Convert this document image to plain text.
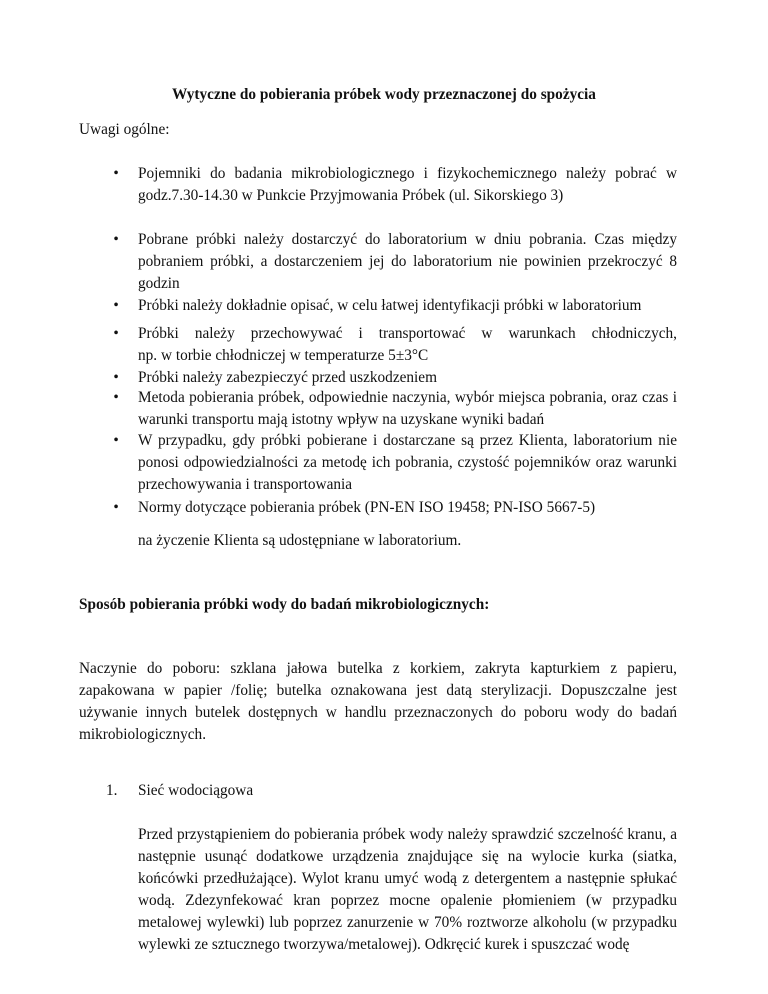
Wytyczne do pobierania próbek wody przeznaczonej do spożycia
Uwagi ogólne:
• Pojemniki do badania mikrobiologicznego i fizykochemicznego należy pobrać w godz.7.30-14.30 w Punkcie Przyjmowania Próbek (ul. Sikorskiego 3)
• Pobrane próbki należy dostarczyć do laboratorium w dniu pobrania. Czas między pobraniem próbki, a dostarczeniem jej do laboratorium nie powinien przekroczyć 8 godzin
• Próbki należy dokładnie opisać, w celu łatwej identyfikacji próbki w laboratorium
• Próbki należy przechowywać i transportować w warunkach chłodniczych,
np. w torbie chłodniczej w temperaturze 5±3°C
• Próbki należy zabezpieczyć przed uszkodzeniem
• Metoda pobierania próbek, odpowiednie naczynia, wybór miejsca pobrania, oraz czas i warunki transportu mają istotny wpływ na uzyskane wyniki badań
• W przypadku, gdy próbki pobierane i dostarczane są przez Klienta, laboratorium nie ponosi odpowiedzialności za metodę ich pobrania, czystość pojemników oraz warunki przechowywania i transportowania
• Normy dotyczące pobierania próbek (PN-EN ISO 19458; PN-ISO 5667-5)
na życzenie Klienta są udostępniane w laboratorium.
Sposób pobierania próbki wody do badań mikrobiologicznych:
Naczynie do poboru: szklana jałowa butelka z korkiem, zakryta kapturkiem z papieru, zapakowana w papier /folię; butelka oznakowana jest datą sterylizacji. Dopuszczalne jest używanie innych butelek dostępnych w handlu przeznaczonych do poboru wody do badań mikrobiologicznych.
1. Sieć wodociągowa
Przed przystąpieniem do pobierania próbek wody należy sprawdzić szczelność kranu, a następnie usunąć dodatkowe urządzenia znajdujące się na wylocie kurka (siatka, końcówki przedłużające). Wylot kranu umyć wodą z detergentem a następnie spłukać wodą. Zdezynfekować kran poprzez mocne opalenie płomieniem (w przypadku metalowej wylewki) lub poprzez zanurzenie w 70% roztworze alkoholu (w przypadku wylewki ze sztucznego tworzywa/metalowej). Odkręcić kurek i spuszczać wodę
